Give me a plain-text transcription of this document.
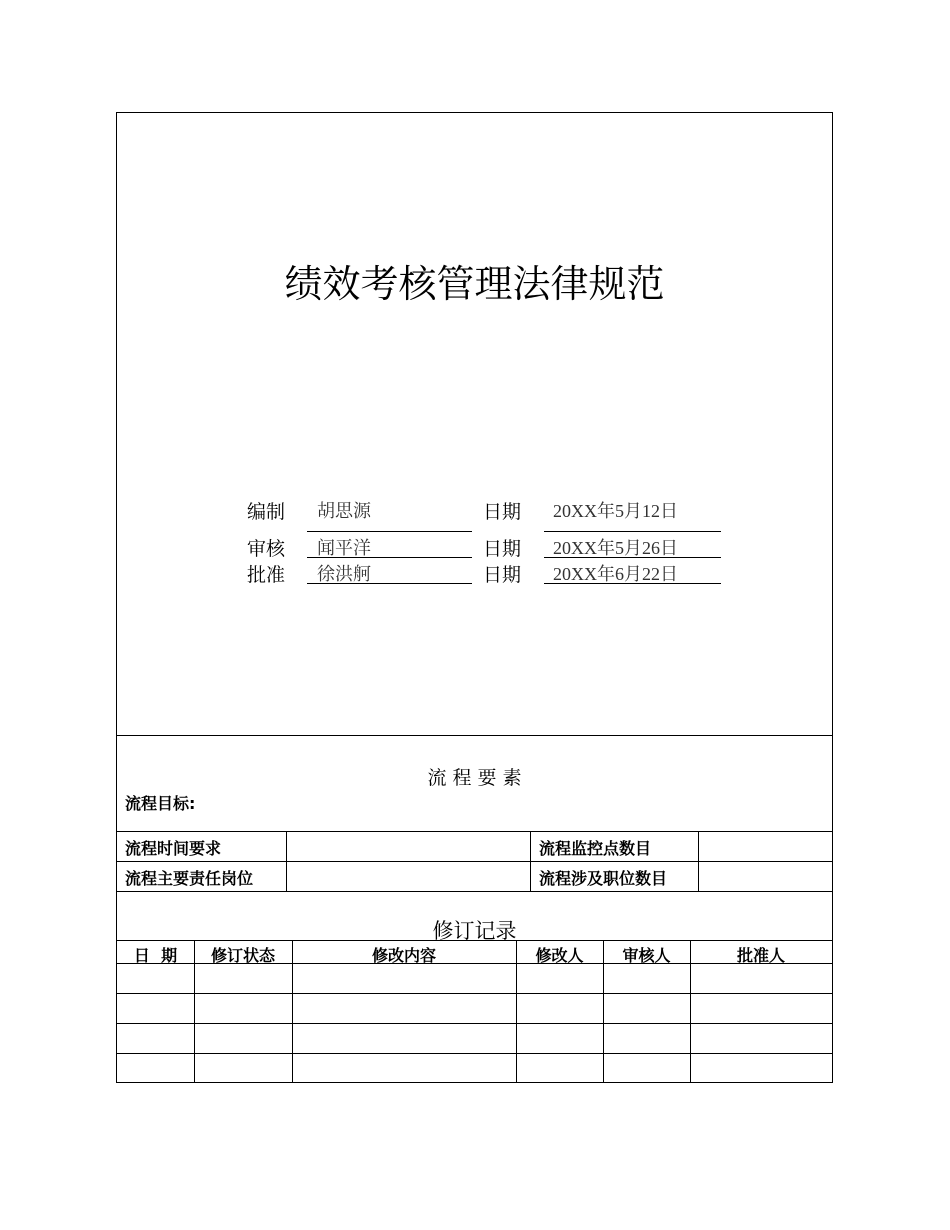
绩效考核管理法律规范
编制 胡思源	日期 20XX年5月12日
审核 闻平洋	日期 20XX年5月26日
批准 徐洪舸	日期 20XX年6月22日
流 程 要 素
流程目标:
流程时间要求	流程监控点数目
流程主要责任岗位	流程涉及职位数目
修订记录
日  期	修订状态	修改内容	修改人	审核人	批准人
